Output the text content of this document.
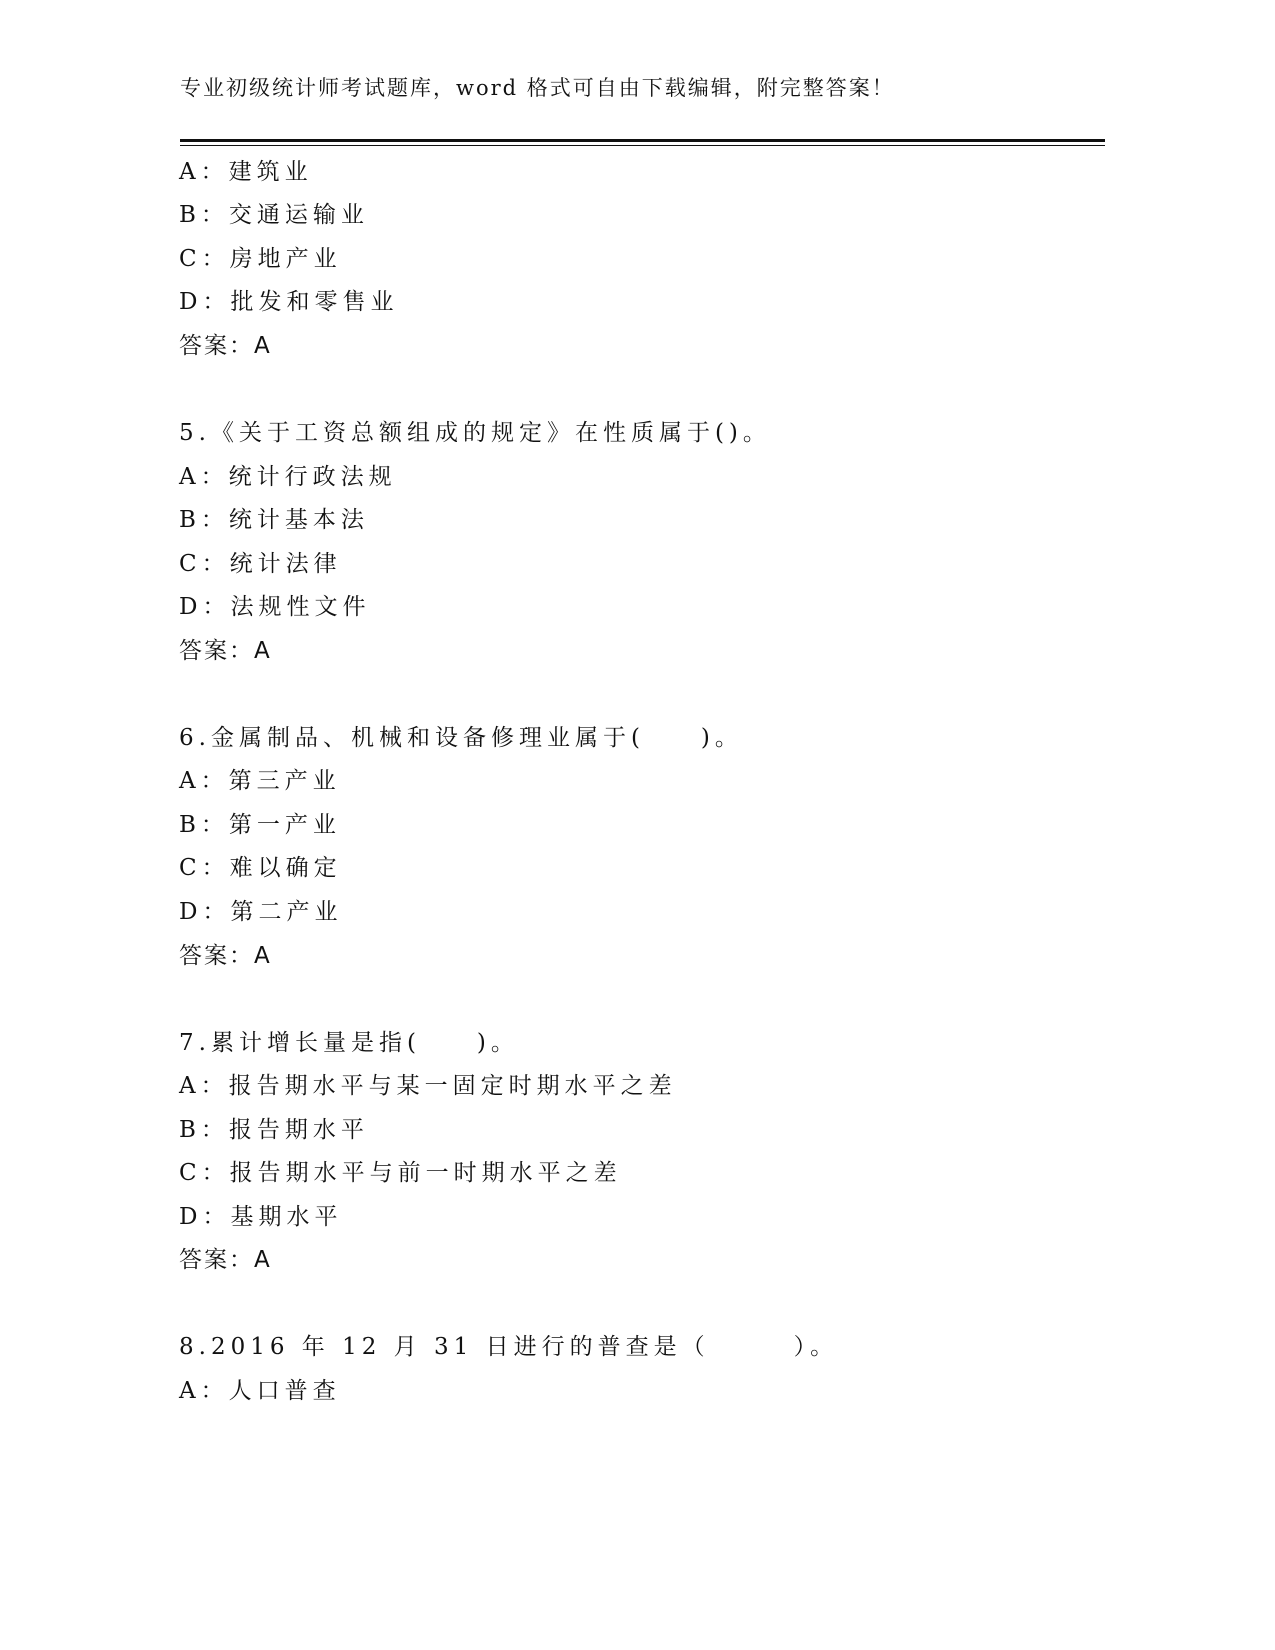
专业初级统计师考试题库，word 格式可自由下载编辑，附完整答案！
A：建筑业
B：交通运输业
C：房地产业
D：批发和零售业
答案：A
5.《关于工资总额组成的规定》在性质属于()。
A：统计行政法规
B：统计基本法
C：统计法律
D：法规性文件
答案：A
6.金属制品、机械和设备修理业属于(　　)。
A：第三产业
B：第一产业
C：难以确定
D：第二产业
答案：A
7.累计增长量是指(　　)。
A：报告期水平与某一固定时期水平之差
B：报告期水平
C：报告期水平与前一时期水平之差
D：基期水平
答案：A
8.2016 年 12 月 31 日进行的普查是（　　　）。
A：人口普查
